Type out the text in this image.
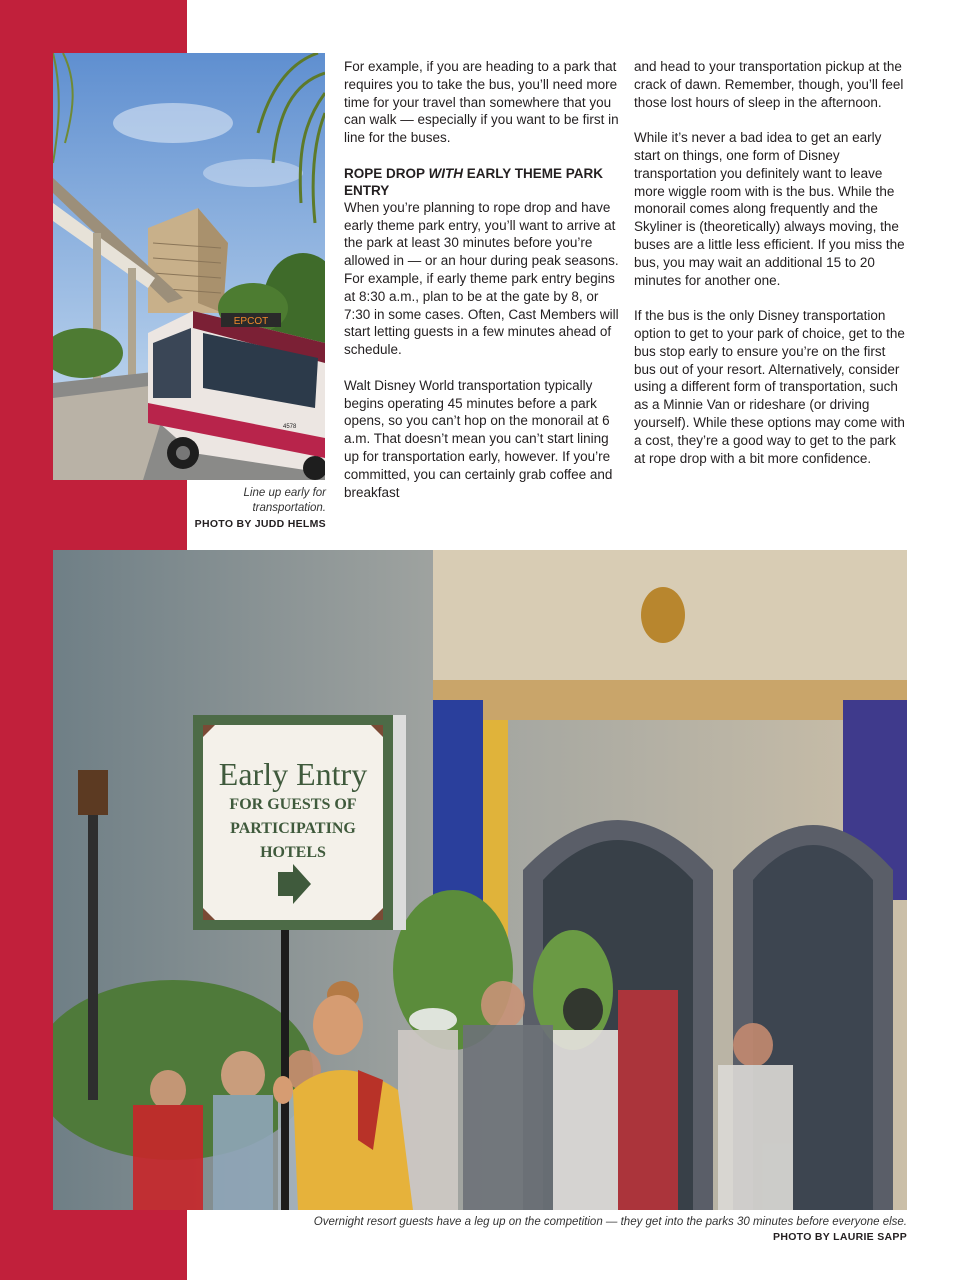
EPCOT
4578
Line up early for transportation.
PHOTO BY JUDD HELMS

For example, if you are heading to a park that requires you to take the bus, you’ll need more time for your travel than somewhere that you can walk — especially if you want to be first in line for the buses.

ROPE DROP WITH EARLY THEME PARK ENTRY

When you’re planning to rope drop and have early theme park entry, you’ll want to arrive at the park at least 30 minutes before you’re allowed in — or an hour during peak seasons. For example, if early theme park entry begins at 8:30 a.m., plan to be at the gate by 8, or 7:30 in some cases. Often, Cast Members will start letting guests in a few minutes ahead of schedule.

Walt Disney World transportation typically begins operating 45 minutes before a park opens, so you can’t hop on the monorail at 6 a.m. That doesn’t mean you can’t start lining up for transportation early, however. If you’re committed, you can certainly grab coffee and breakfast

and head to your transportation pickup at the crack of dawn. Remember, though, you’ll feel those lost hours of sleep in the afternoon.

While it’s never a bad idea to get an early start on things, one form of Disney transportation you definitely want to leave more wiggle room with is the bus. While the monorail comes along frequently and the Skyliner is (theoretically) always moving, the buses are a little less efficient. If you miss the bus, you may wait an additional 15 to 20 minutes for another one.

If the bus is the only Disney transportation option to get to your park of choice, get to the bus stop early to ensure you’re on the first bus out of your resort. Alternatively, consider using a different form of transportation, such as a Minnie Van or rideshare (or driving yourself). While these options may come with a cost, they’re a good way to get to the park at rope drop with a bit more confidence.

Early Entry
FOR GUESTS OF
PARTICIPATING
HOTELS
Overnight resort guests have a leg up on the competition — they get into the parks 30 minutes before everyone else.
PHOTO BY LAURIE SAPP
